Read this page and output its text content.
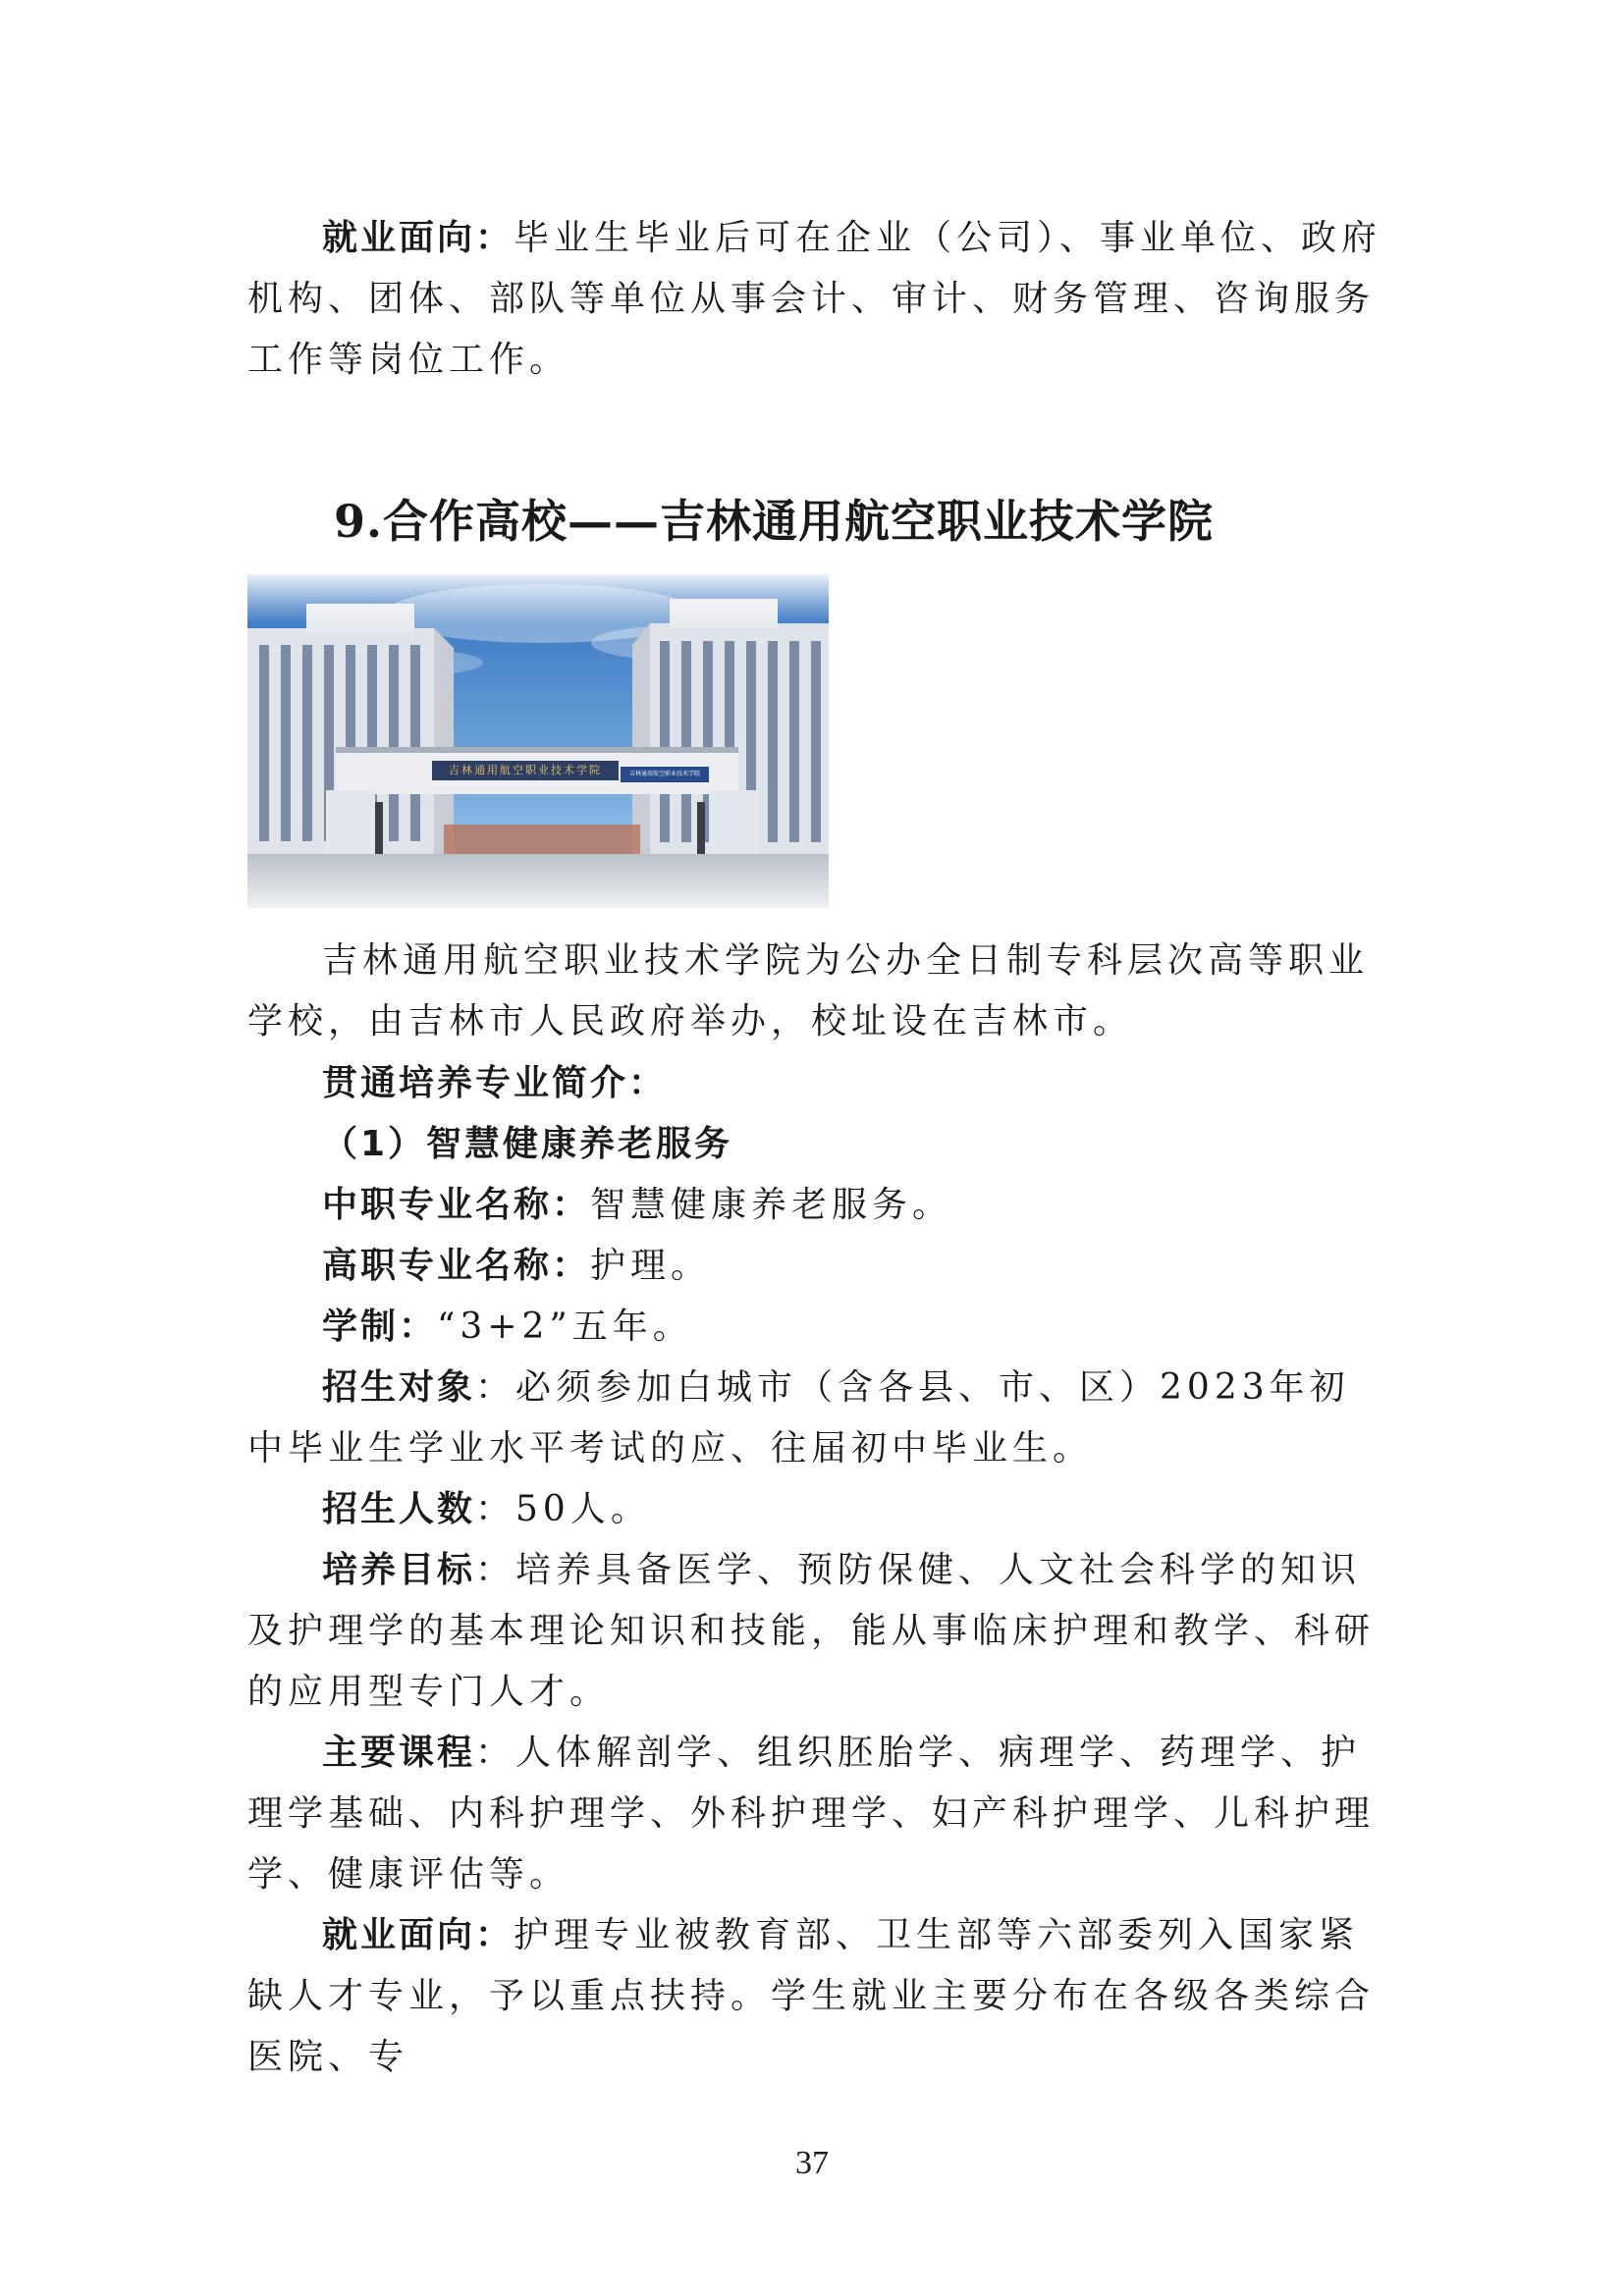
就业面向：毕业生毕业后可在企业（公司）、事业单位、政府机构、团体、部队等单位从事会计、审计、财务管理、咨询服务工作等岗位工作。

9.合作高校——吉林通用航空职业技术学院
吉林通用航空职业技术学院	吉林通用航空职业技术学院

吉林通用航空职业技术学院为公办全日制专科层次高等职业学校，由吉林市人民政府举办，校址设在吉林市。

贯通培养专业简介：

（1）智慧健康养老服务

中职专业名称：智慧健康养老服务。

高职专业名称：护理。

学制：“3+2”五年。

招生对象：必须参加白城市（含各县、市、区）2023年初中毕业生学业水平考试的应、往届初中毕业生。

招生人数：50人。

培养目标：培养具备医学、预防保健、人文社会科学的知识及护理学的基本理论知识和技能，能从事临床护理和教学、科研的应用型专门人才。

主要课程：人体解剖学、组织胚胎学、病理学、药理学、护理学基础、内科护理学、外科护理学、妇产科护理学、儿科护理学、健康评估等。

就业面向：护理专业被教育部、卫生部等六部委列入国家紧缺人才专业，予以重点扶持。学生就业主要分布在各级各类综合医院、专

37
